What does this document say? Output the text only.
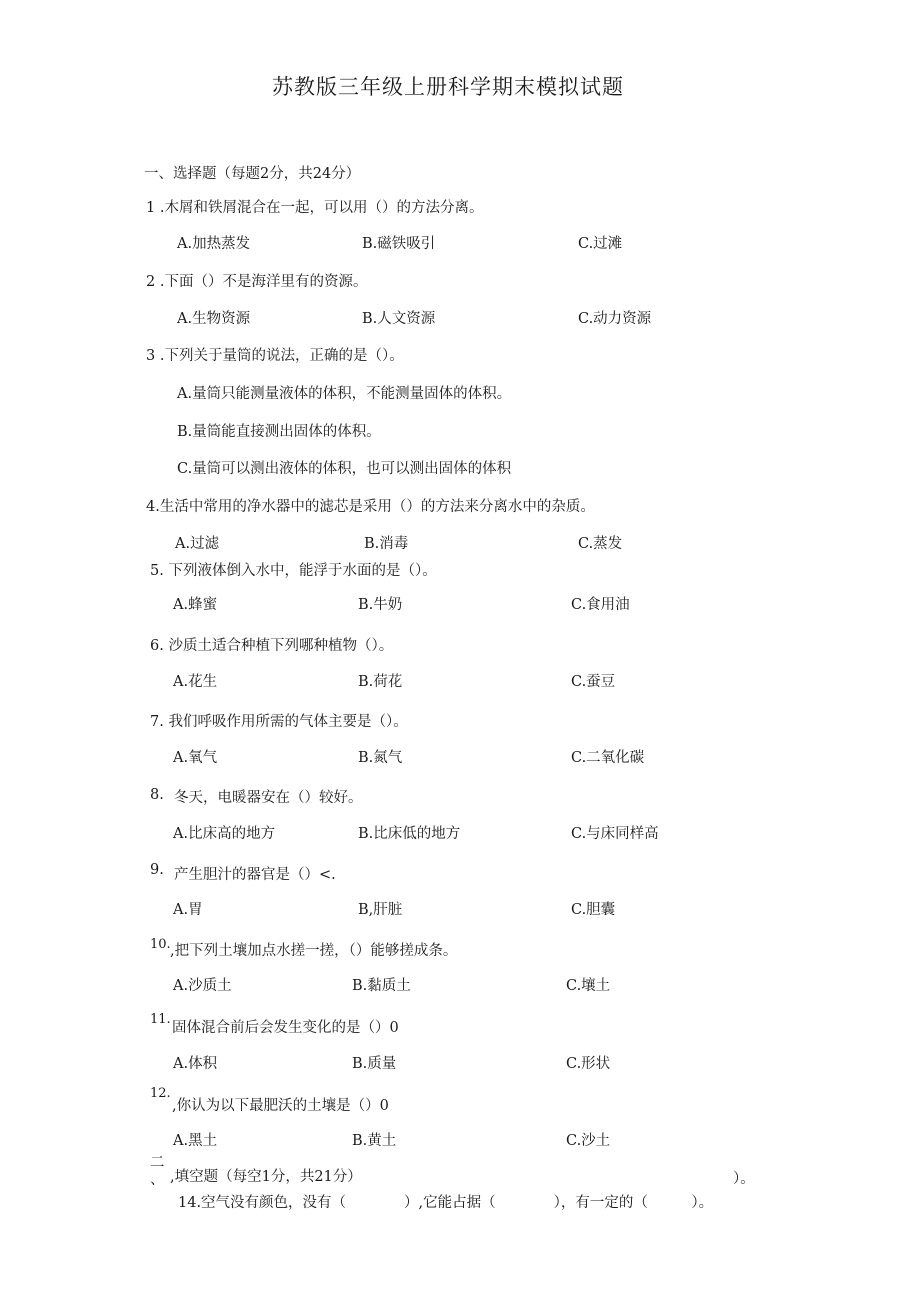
苏教版三年级上册科学期末模拟试题
一、选择题（每题2分，共24分）
1 .木屑和铁屑混合在一起，可以用（）的方法分离。
A.加热蒸发	B.磁铁吸引	C.过滩
2 .下面（）不是海洋里有的资源。
A.生物资源	B.人文资源	C.动力资源
3 .下列关于量筒的说法，正确的是（）。
A.量筒只能测量液体的体积，不能测量固体的体积。
B.量筒能直接测出固体的体积。
C.量筒可以测出液体的体积，也可以测出固体的体积
4.生活中常用的净水器中的滤芯是采用（）的方法来分离水中的杂质。
A.过滤	B.消毒	C.蒸发
5. 下列液体倒入水中，能浮于水面的是（）。
A.蜂蜜	B.牛奶	C.食用油
6. 沙质土适合种植下列哪种植物（）。
A.花生	B.荷花	C.蚕豆
7. 我们呼吸作用所需的气体主要是（）。
A.氧气	B.氮气	C.二氧化碳
8. 冬天，电暖器安在（）较好。
A.比床高的地方	B.比床低的地方	C.与床同样高
9. 产生胆汁的器官是（）<.
A.胃	B,肝脏	C.胆囊
10. ,把下列土壤加点水搓一搓，（）能够搓成条。
A.沙质土	B.黏质土	C.壤土
11.
固体混合前后会发生变化的是（）0
A.体积	B.质量	C.形状
12.
,你认为以下最肥沃的土壤是（）0
A.黑土	B.黄土	C.沙土
二
、 ,填空题（每空1分，共21分）	）。
14.空气没有颜色，没有（　　　　）,它能占据（　　　　），有一定的（　　　）。
